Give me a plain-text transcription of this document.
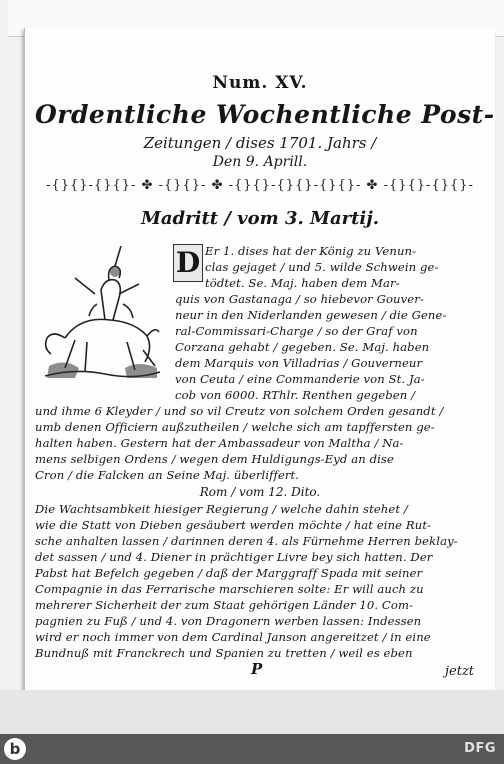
Num. XV.
Ordentliche Wochentliche Post-
Zeitungen / dises 1701. Jahrs /
Den 9. Aprill.
-{}{}-{}{}- ✤ -{}{}- ✤ -{}{}-{}{}-{}{}- ✤ -{}{}-{}{}-
Madritt / vom 3. Martij.
D Er 1. dises hat der König zu Venun-
clas gejaget / und 5. wilde Schwein ge-
tödtet. Se. Maj. haben dem Mar-
quis von Gastanaga / so hiebevor Gouver-
neur in den Niderlanden gewesen / die Gene-
ral-Commissari-Charge / so der Graf von
Corzana gehabt / gegeben. Se. Maj. haben
dem Marquis von Villadrias / Gouverneur
von Ceuta / eine Commanderie von St. Ja-
cob von 6000. RThlr. Renthen gegeben /
und ihme 6 Kleyder / und so vil Creutz von solchem Orden gesandt /
umb denen Officiern außzutheilen / welche sich am tapffersten ge-
halten haben. Gestern hat der Ambassadeur von Maltha / Na-
mens selbigen Ordens / wegen dem Huldigungs-Eyd an dise
Cron / die Falcken an Seine Maj. überliffert.
Rom / vom 12. Dito.
Die Wachtsambkeit hiesiger Regierung / welche dahin stehet /
wie die Statt von Dieben gesäubert werden möchte / hat eine Rut-
sche anhalten lassen / darinnen deren 4. als Fürnehme Herren beklay-
det sassen / und 4. Diener in prächtiger Livre bey sich hatten. Der
Pabst hat Befelch gegeben / daß der Marggraff Spada mit seiner
Compagnie in das Ferrarische marschieren solte: Er will auch zu
mehrerer Sicherheit der zum Staat gehörigen Länder 10. Com-
pagnien zu Fuß / und 4. von Dragonern werben lassen: Indessen
wird er noch immer von dem Cardinal Janson angereitzet / in eine
Bundnuß mit Franckrech und Spanien zu tretten / weil es eben
P	jetzt
b	DFG
